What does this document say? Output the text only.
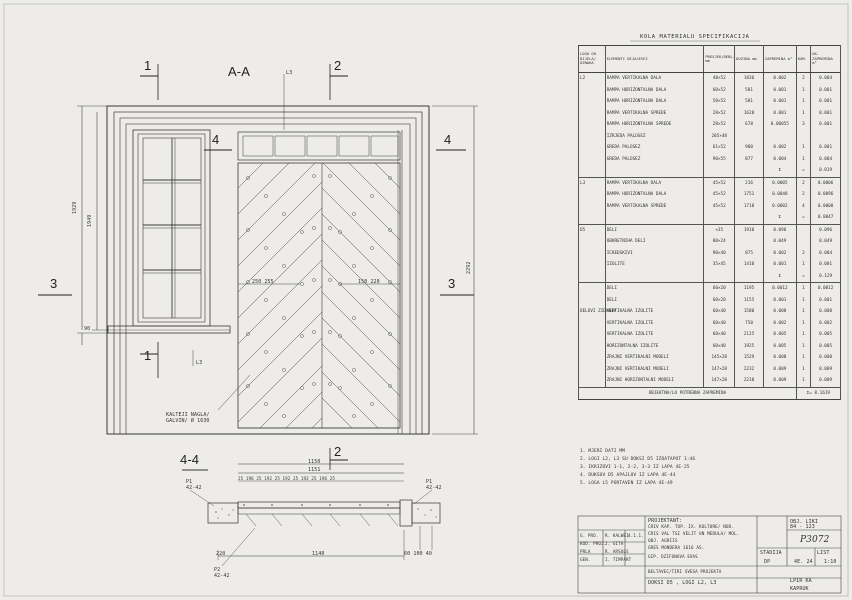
A-A
1
1
2
2
3	3
4	4
4-4
1929
1949
2292
90
250 255	150 220
L3
L3
KALTEJI NAGLA/ GALVIN/ Ø 1630
1150
1151
25 196 25 192 25 192 25 192 25 196 25
220	1140	60 100 40
P1
42-42
P1
42-42
P2
42-42
KOLA MATERIALU SPECIFIKACIJA
LOGO OR DIJELA/ OZNAKA	ELEMENTI NIJAJEVEI	PRESJEK/DEBL. mm	DUZINA mm	ZAPREMINA m³	KOM.	UK. ZAPREMINA m³
L2	RAMPA VERTIKALNA DALA	48×52	1836	0.002	2	0.004
	RAMPA HORIZONTALNA DALA	60×52	581	0.001	1	0.001
	RAMPA HORIZONTALNA DALA	50×52	581	0.001	1	0.001
	RAMPA VERTIKALNA SPREDE	28×52	1628	0.001	1	0.001
	RAMPA HORIZONTALNA SPREDE	28×52	678	0.00055	3	0.001
	IZRJEDA PALOSEZ	205×48				
	GREDA PALOSEZ	61×52	980	0.002	1	0.001
	GREDA PALOSEZ	90×55	877	0.004	1	0.004
				Σ	=	0.019
L3	RAMPA VERTIKALNA DALA	45×52	216	0.0005	2	0.0006
	RAMPA HORIZONTALNA DALA	45×52	1751	0.0048	2	0.0096
	RAMPA VERTIKALNA SPREDE	45×52	1718	0.0002	4	0.0008
				Σ	=	0.0047
D5	DELI	×35	1910	0.096		0.096
	OBKRETNIHA DELI	80×24		0.049		0.049
	ICKEDSKIVI	90×40	875	0.002	2	0.004
	IZOLITE	35×45	1410	0.001	1	0.001
				Σ	=	0.129
	DELI	60×20	1195	0.0012	1	0.0012
	DELI	60×20	1155	0.001	1	0.001
DELOVI ZIDANJA	VERTIKALNA IZOLITE	60×40	1580	0.008	1	0.008
	VERTIKALNA IZOLITE	60×40	750	0.002	1	0.002
	VERTIKALNA IZOLITE	60×40	2125	0.005	1	0.005
	HORIZONTALNA IZOLITE	60×40	1925	0.005	1	0.005
	ZRAJNI VERTIKALNI MODELI	145×28	1529	0.008	1	0.008
	ZRAJNI VERTIKALNI MODELI	147×28	2232	0.009	1	0.009
	ZRAJNI HORIZONTALNI MODELI	147×28	2210	0.009	1	0.009
OBJEKTNA/LO POTREBNA ZAPREMINA					Σ= 0.1619	
1. MJERI DATI MM
2. LOGI L2, L3 SU DOKSI D5 IZOATAPOT 1:46
3. IKRIZOVI 1-1, 2-2, 3-3 IZ LAPA 4E-25
4. DUKSUV D5 APAJLUV IZ LAPA 4E-44
5. LOGA L5 PORTAVEN IZ LAPA 4E-49
PROJEKTANT:
CRIV KAP. TOP. IX. KULTURE/ NOD.
CRIS VAL TSI VELIT UN MEDULA/ MOL.
OBJ. AGRIIS
GRES MONDERA 1616 AS.
G. PRO.
KOD. PROJ.
PRLA
GEN.
R. KALWEI
J. GITA
R. ARSULS
I. TIMPART
4.1.1.
OBJ. LIKI
84 - 123
P3072
STADIJA
GIP. DZIFONAVA EVAS
LIST
4E. 24 1:10
DP
BELTAVEC/TIRI SVESA PROJEKTA
DOKSI D5 , LOGI L2, L3	LPIR KA
KAPRUK
